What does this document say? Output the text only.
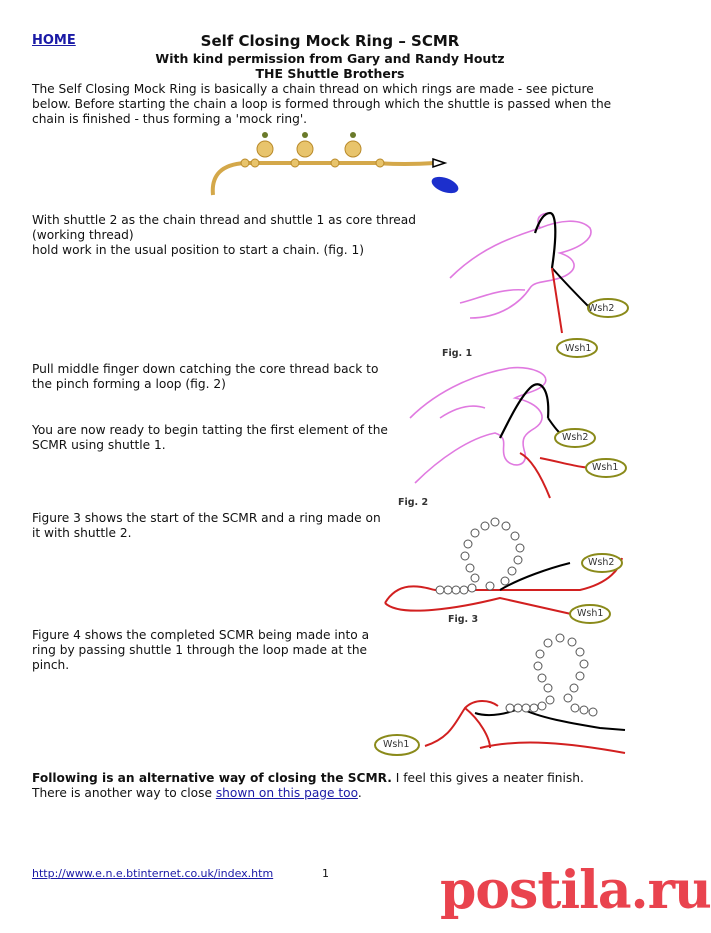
HOME	Self Closing Mock Ring – SCMR
With kind permission from Gary and Randy Houtz
THE Shuttle Brothers

The Self Closing Mock Ring is basically a chain thread on which rings are made - see picture below. Before starting the chain a loop is formed through which the shuttle is passed when the chain is finished - thus forming a 'mock ring'.

With shuttle 2 as the chain thread and shuttle 1 as core thread (working thread)

hold work in the usual position to start a chain. (fig. 1)

Wsh2
Wsh1
Fig. 1

Pull middle finger down catching the core thread back to the pinch forming a loop (fig. 2)

You are now ready to begin tatting the first element of the SCMR using shuttle 1.

Wsh2
Wsh1
Fig. 2

Figure 3 shows the start of the SCMR and a ring made on it with shuttle 2.

Wsh2
Wsh1
Fig. 3

Figure 4 shows the completed SCMR being made into a ring by passing shuttle 1 through the loop made at the pinch.

Wsh1
Following is an alternative way of closing the SCMR. I feel this gives a neater finish.
There is another way to close shown on this page too.
http://www.e.n.e.btinternet.co.uk/index.htm	1 postila.ru
